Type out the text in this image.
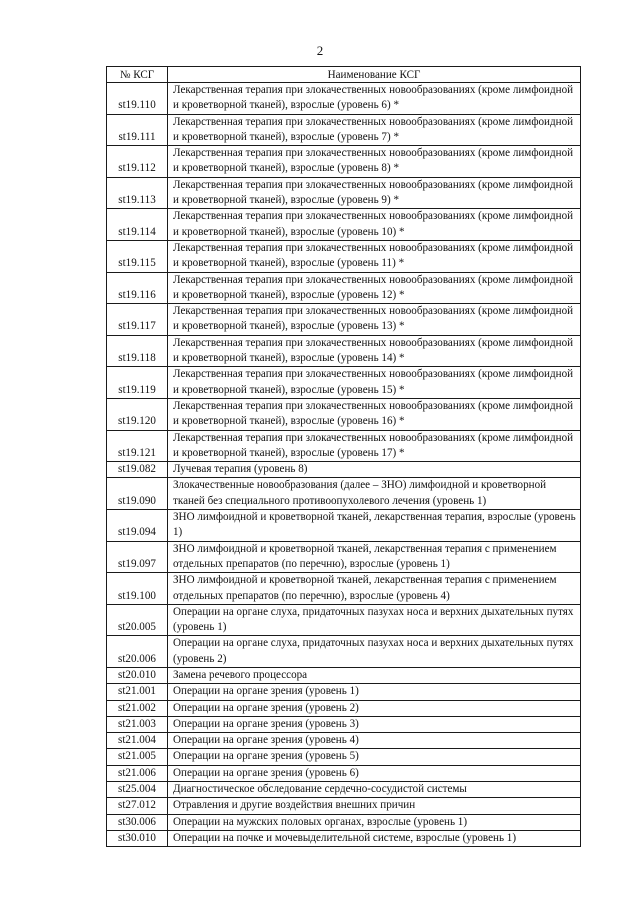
2
№ КСГ	Наименование КСГ
st19.110	Лекарственная терапия при злокачественных новообразованиях (кроме лимфоидной и кроветворной тканей), взрослые (уровень 6) *
st19.111	Лекарственная терапия при злокачественных новообразованиях (кроме лимфоидной и кроветворной тканей), взрослые (уровень 7) *
st19.112	Лекарственная терапия при злокачественных новообразованиях (кроме лимфоидной и кроветворной тканей), взрослые (уровень 8) *
st19.113	Лекарственная терапия при злокачественных новообразованиях (кроме лимфоидной и кроветворной тканей), взрослые (уровень 9) *
st19.114	Лекарственная терапия при злокачественных новообразованиях (кроме лимфоидной и кроветворной тканей), взрослые (уровень 10) *
st19.115	Лекарственная терапия при злокачественных новообразованиях (кроме лимфоидной и кроветворной тканей), взрослые (уровень 11) *
st19.116	Лекарственная терапия при злокачественных новообразованиях (кроме лимфоидной и кроветворной тканей), взрослые (уровень 12) *
st19.117	Лекарственная терапия при злокачественных новообразованиях (кроме лимфоидной и кроветворной тканей), взрослые (уровень 13) *
st19.118	Лекарственная терапия при злокачественных новообразованиях (кроме лимфоидной и кроветворной тканей), взрослые (уровень 14) *
st19.119	Лекарственная терапия при злокачественных новообразованиях (кроме лимфоидной и кроветворной тканей), взрослые (уровень 15) *
st19.120	Лекарственная терапия при злокачественных новообразованиях (кроме лимфоидной и кроветворной тканей), взрослые (уровень 16) *
st19.121	Лекарственная терапия при злокачественных новообразованиях (кроме лимфоидной и кроветворной тканей), взрослые (уровень 17) *
st19.082	Лучевая терапия (уровень 8)
st19.090	Злокачественные новообразования (далее – ЗНО) лимфоидной и кроветворной тканей без специального противоопухолевого лечения (уровень 1)
st19.094	ЗНО лимфоидной и кроветворной тканей, лекарственная терапия, взрослые (уровень 1)
st19.097	ЗНО лимфоидной и кроветворной тканей, лекарственная терапия с применением отдельных препаратов (по перечню), взрослые (уровень 1)
st19.100	ЗНО лимфоидной и кроветворной тканей, лекарственная терапия с применением отдельных препаратов (по перечню), взрослые (уровень 4)
st20.005	Операции на органе слуха, придаточных пазухах носа и верхних дыхательных путях (уровень 1)
st20.006	Операции на органе слуха, придаточных пазухах носа и верхних дыхательных путях (уровень 2)
st20.010	Замена речевого процессора
st21.001	Операции на органе зрения (уровень 1)
st21.002	Операции на органе зрения (уровень 2)
st21.003	Операции на органе зрения (уровень 3)
st21.004	Операции на органе зрения (уровень 4)
st21.005	Операции на органе зрения (уровень 5)
st21.006	Операции на органе зрения (уровень 6)
st25.004	Диагностическое обследование сердечно-сосудистой системы
st27.012	Отравления и другие воздействия внешних причин
st30.006	Операции на мужских половых органах, взрослые (уровень 1)
st30.010	Операции на почке и мочевыделительной системе, взрослые (уровень 1)
